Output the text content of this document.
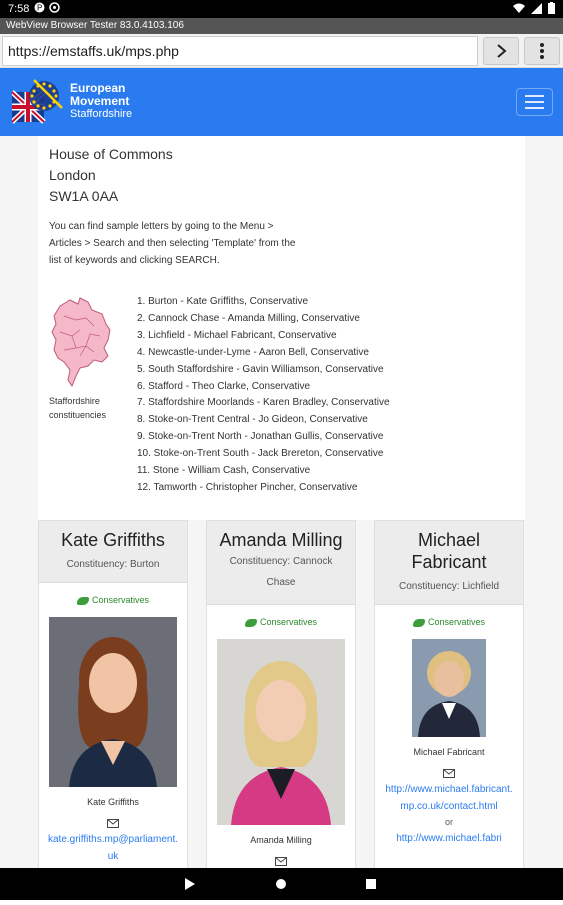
7:58 P
WebView Browser Tester 83.0.4103.106
https://emstaffs.uk/mps.php
European
Movement
Staffordshire
House of Commons
London
SW1A 0AA
You can find sample letters by going to the Menu > Articles > Search and then selecting 'Template' from the list of keywords and clicking SEARCH.
Staffordshire constituencies
1. Burton - Kate Griffiths, Conservative
2. Cannock Chase - Amanda Milling, Conservative
3. Lichfield - Michael Fabricant, Conservative
4. Newcastle-under-Lyme - Aaron Bell, Conservative
5. South Staffordshire - Gavin Williamson, Conservative
6. Stafford - Theo Clarke, Conservative
7. Staffordshire Moorlands - Karen Bradley, Conservative
8. Stoke-on-Trent Central - Jo Gideon, Conservative
9. Stoke-on-Trent North - Jonathan Gullis, Conservative
10. Stoke-on-Trent South - Jack Brereton, Conservative
11. Stone - William Cash, Conservative
12. Tamworth - Christopher Pincher, Conservative
Kate Griffiths
Constituency: Burton
Conservatives
Kate Griffiths
kate.griffiths.mp@parliament.uk
Amanda Milling
Constituency: Cannock Chase
Conservatives
Amanda Milling
Michael Fabricant
Constituency: Lichfield
Conservatives
Michael Fabricant
http://www.michael.fabricant.mp.co.uk/contact.html
or
http://www.michael.fabri
